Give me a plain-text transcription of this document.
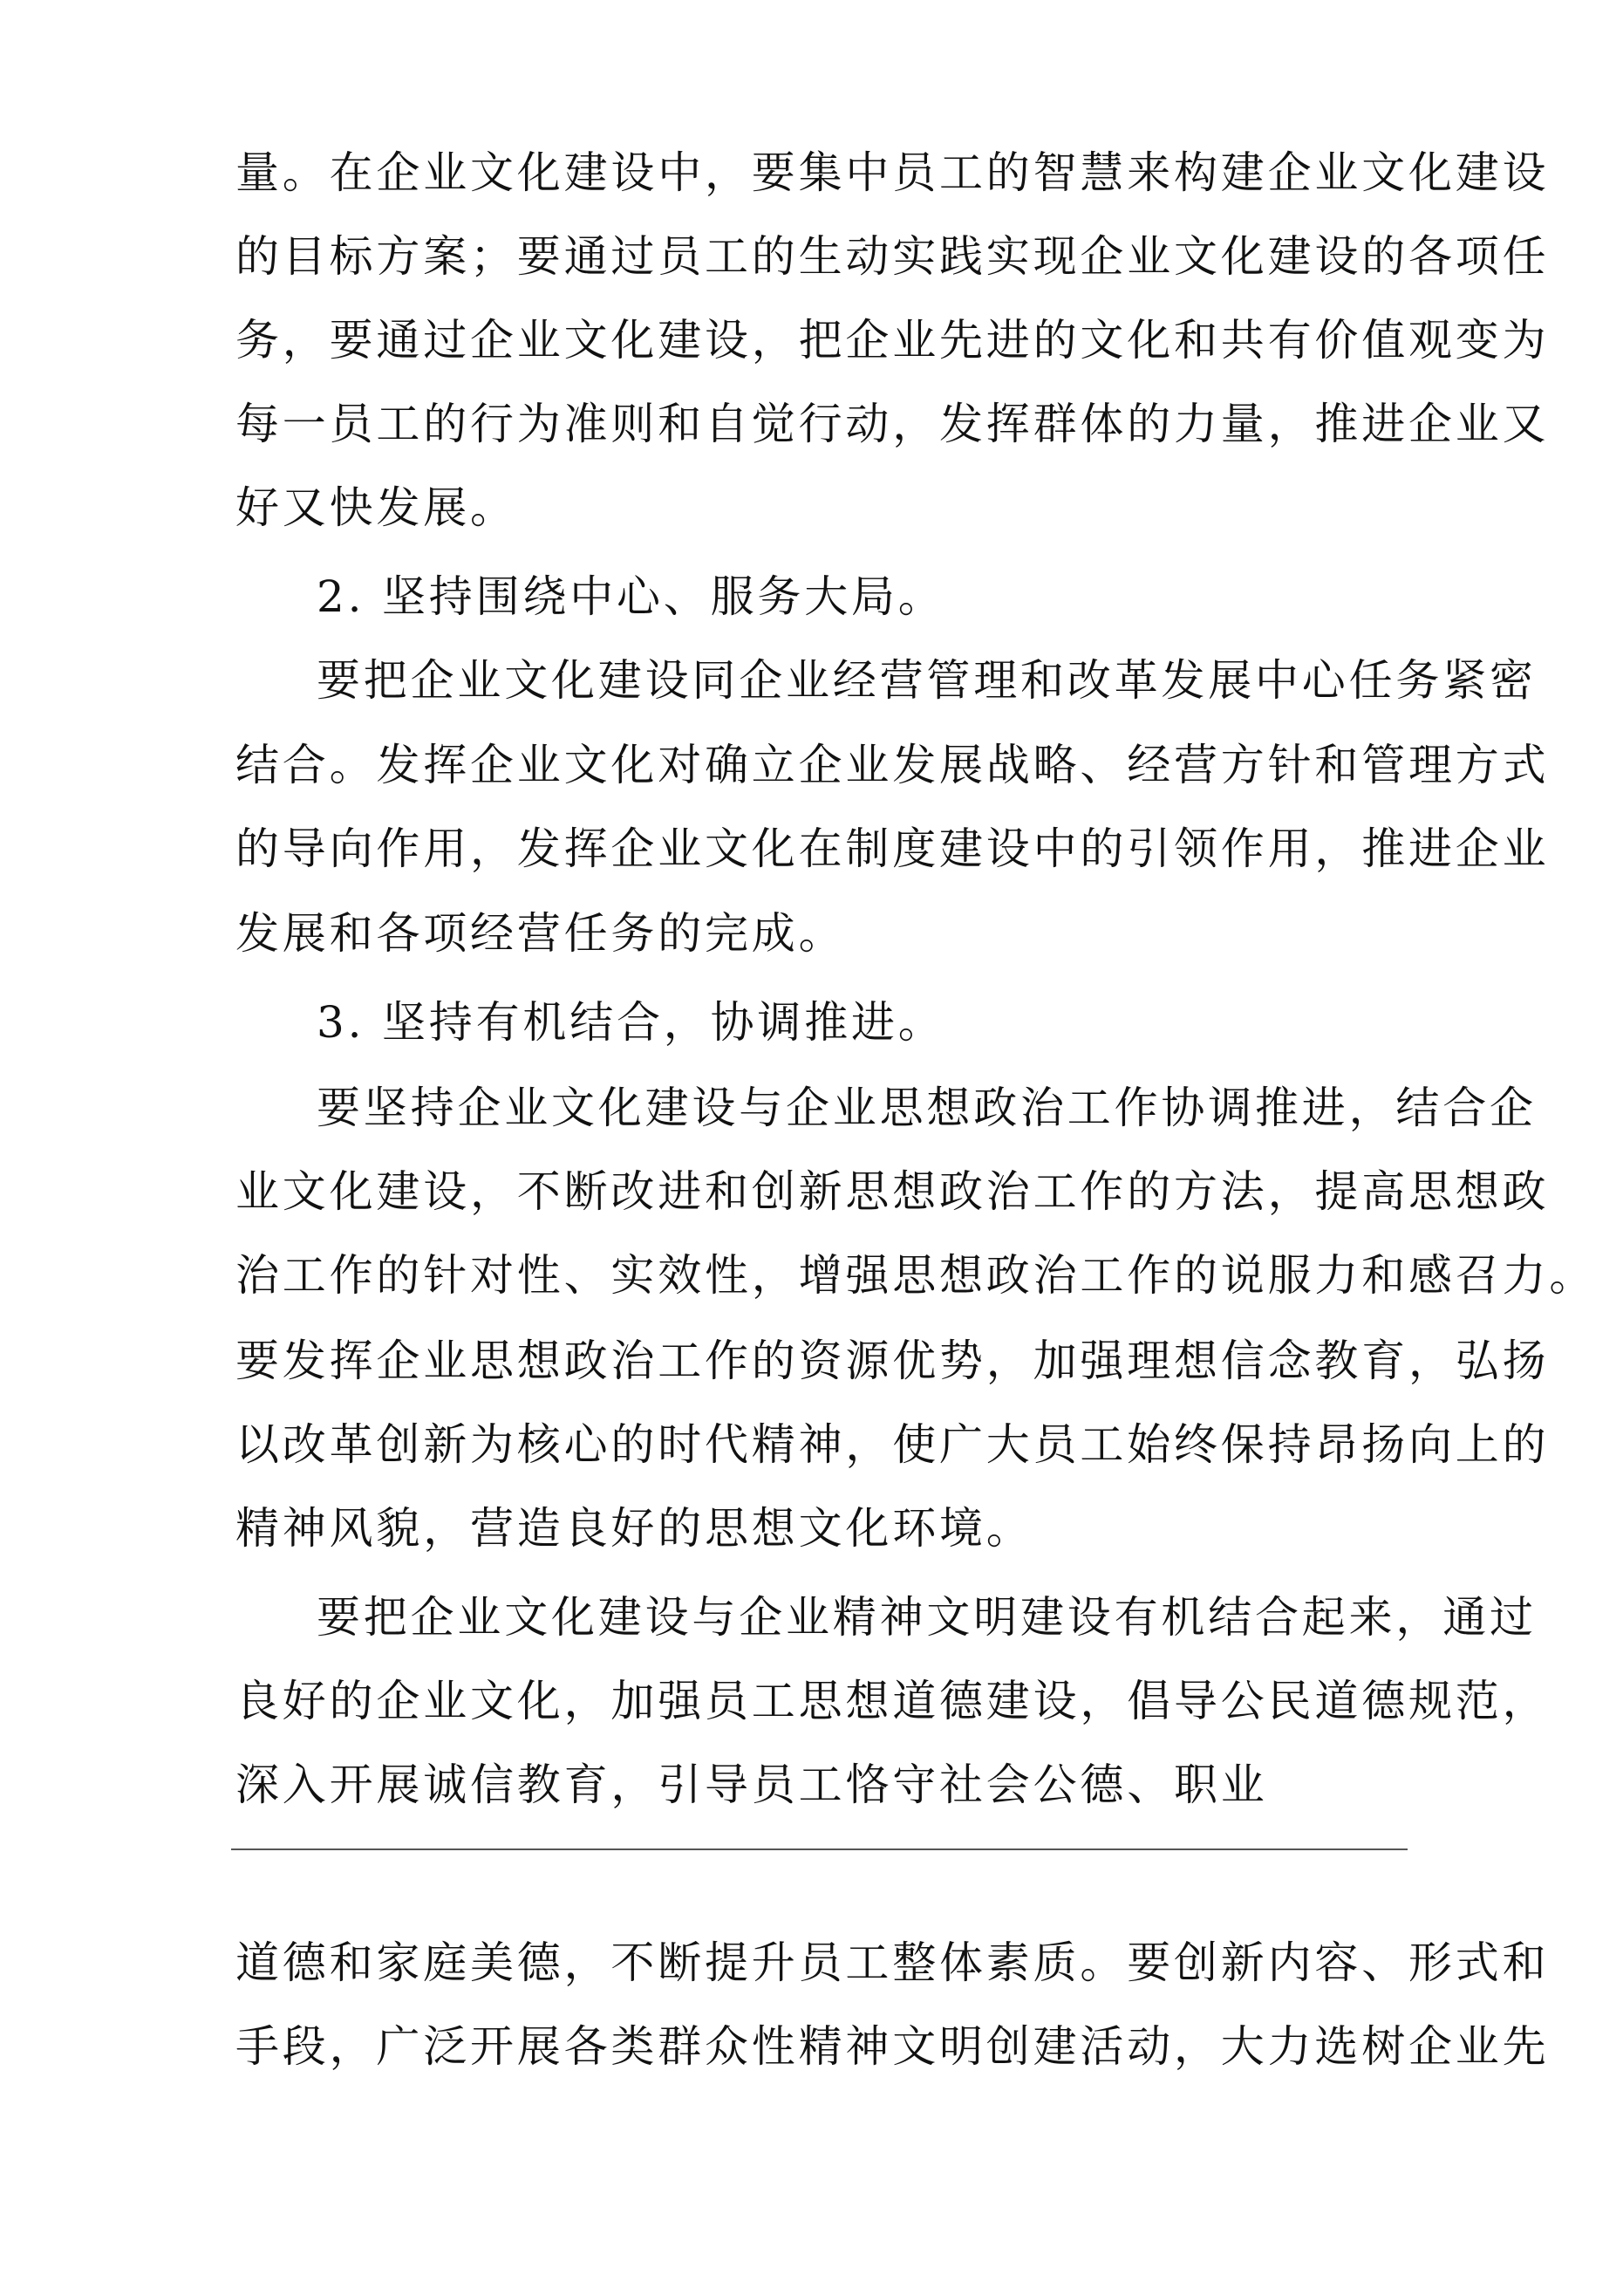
量。在企业文化建设中，要集中员工的智慧来构建企业文化建设
的目标方案；要通过员工的生动实践实现企业文化建设的各项任
务，要通过企业文化建设，把企业先进的文化和共有价值观变为
每一员工的行为准则和自觉行动，发挥群体的力量，推进企业又
好又快发展。
2. 坚持围绕中心、服务大局。
要把企业文化建设同企业经营管理和改革发展中心任务紧密
结合。发挥企业文化对确立企业发展战略、经营方针和管理方式
的导向作用，发挥企业文化在制度建设中的引领作用，推进企业
发展和各项经营任务的完成。
3. 坚持有机结合，协调推进。
要坚持企业文化建设与企业思想政治工作协调推进，结合企
业文化建设，不断改进和创新思想政治工作的方法，提高思想政
治工作的针对性、实效性，增强思想政治工作的说服力和感召力。
要发挥企业思想政治工作的资源优势，加强理想信念教育，弘扬
以改革创新为核心的时代精神，使广大员工始终保持昂扬向上的
精神风貌，营造良好的思想文化环境。
要把企业文化建设与企业精神文明建设有机结合起来，通过
良好的企业文化，加强员工思想道德建设，倡导公民道德规范，
深入开展诚信教育，引导员工恪守社会公德、职业
道德和家庭美德，不断提升员工整体素质。要创新内容、形式和
手段，广泛开展各类群众性精神文明创建活动，大力选树企业先
